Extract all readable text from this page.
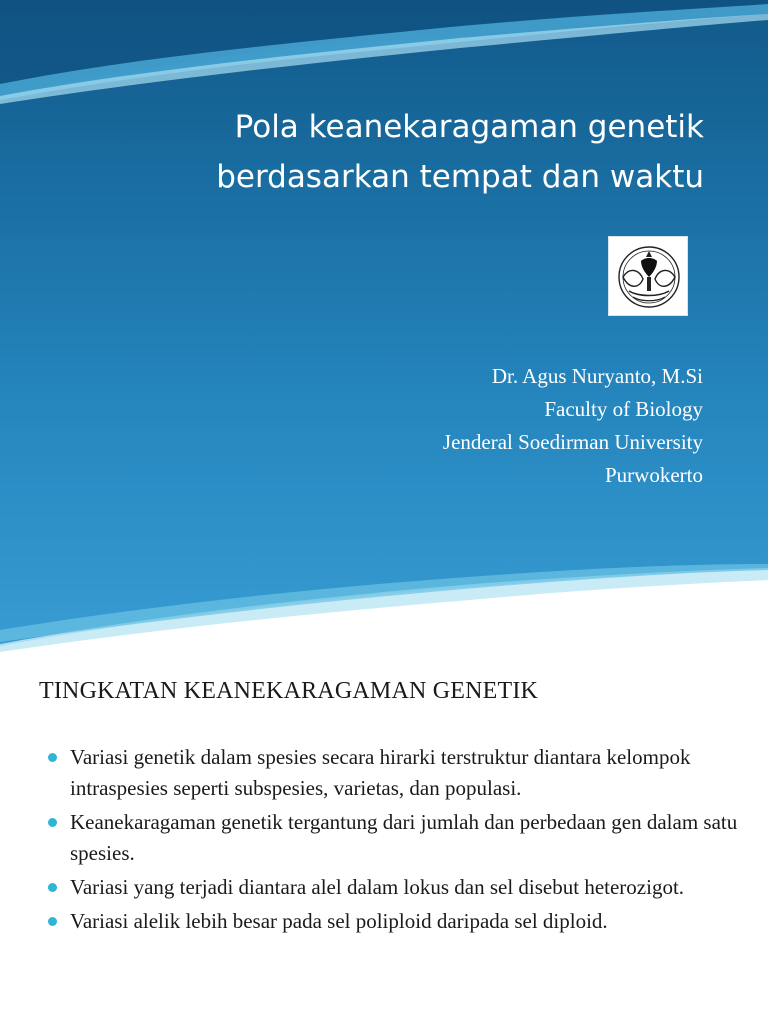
Pola keanekaragaman genetik
berdasarkan tempat dan waktu
Dr. Agus Nuryanto, M.Si
Faculty of Biology
Jenderal Soedirman University
Purwokerto
TINGKATAN KEANEKARAGAMAN GENETIK
Variasi genetik dalam spesies secara hirarki terstruktur diantara kelompok intraspesies seperti subspesies, varietas, dan populasi.
Keanekaragaman genetik tergantung dari jumlah dan perbedaan gen dalam satu spesies.
Variasi yang terjadi diantara alel dalam lokus dan sel disebut heterozigot.
Variasi alelik lebih besar pada sel poliploid daripada sel diploid.
